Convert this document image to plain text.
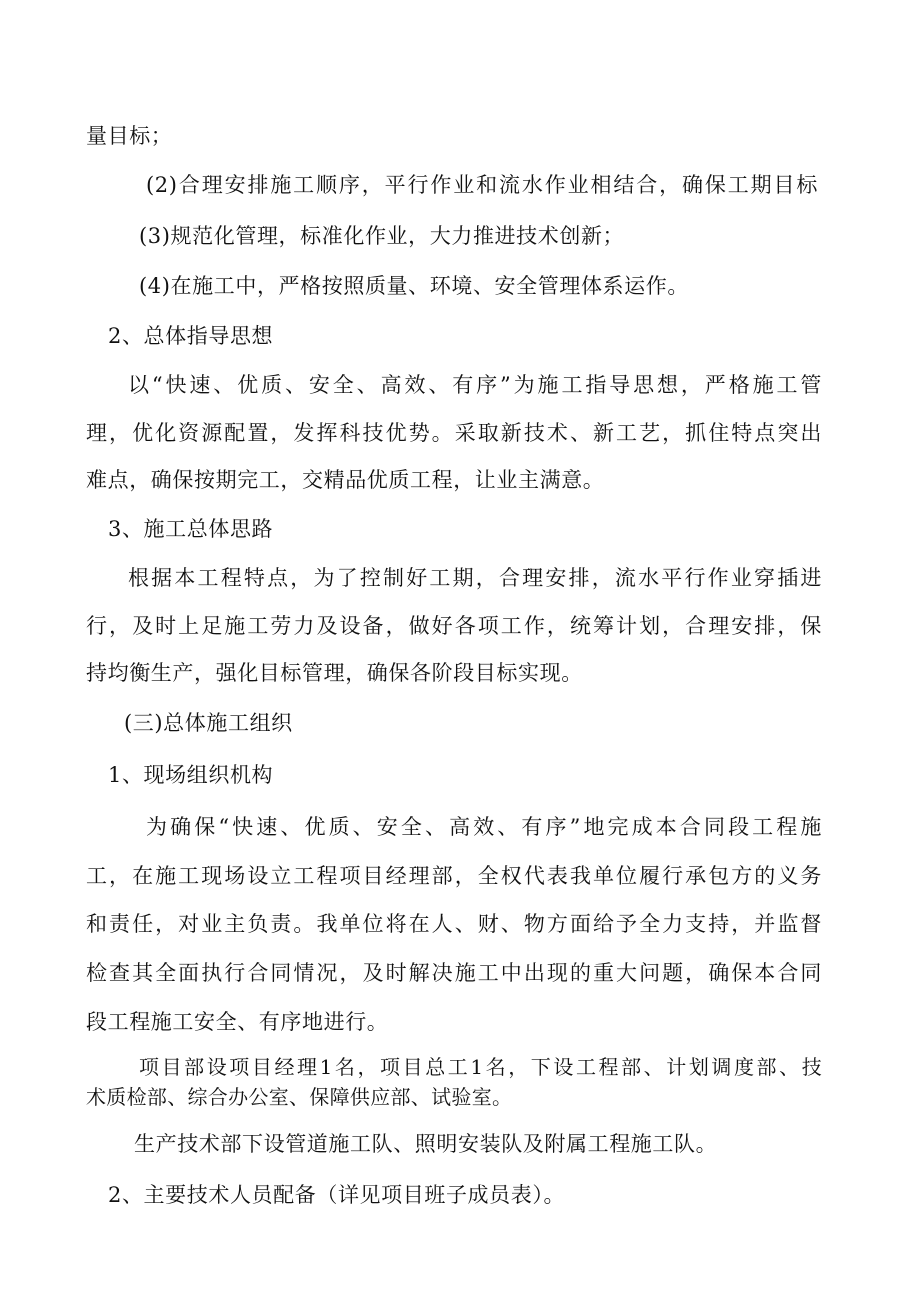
量目标；
(2)合理安排施工顺序，平行作业和流水作业相结合，确保工期目标
(3)规范化管理，标准化作业，大力推进技术创新；
(4)在施工中，严格按照质量、环境、安全管理体系运作。
2、总体指导思想
以“快速、优质、安全、高效、有序”为施工指导思想，严格施工管
理，优化资源配置，发挥科技优势。采取新技术、新工艺，抓住特点突出
难点，确保按期完工，交精品优质工程，让业主满意。
3、施工总体思路
根据本工程特点，为了控制好工期，合理安排，流水平行作业穿插进
行，及时上足施工劳力及设备，做好各项工作，统筹计划，合理安排，保
持均衡生产，强化目标管理，确保各阶段目标实现。
(三)总体施工组织
1、现场组织机构
为确保“快速、优质、安全、高效、有序”地完成本合同段工程施
工，在施工现场设立工程项目经理部，全权代表我单位履行承包方的义务
和责任，对业主负责。我单位将在人、财、物方面给予全力支持，并监督
检查其全面执行合同情况，及时解决施工中出现的重大问题，确保本合同
段工程施工安全、有序地进行。
项目部设项目经理1名，项目总工1名，下设工程部、计划调度部、技
术质检部、综合办公室、保障供应部、试验室。
生产技术部下设管道施工队、照明安装队及附属工程施工队。
2、主要技术人员配备（详见项目班子成员表）。
